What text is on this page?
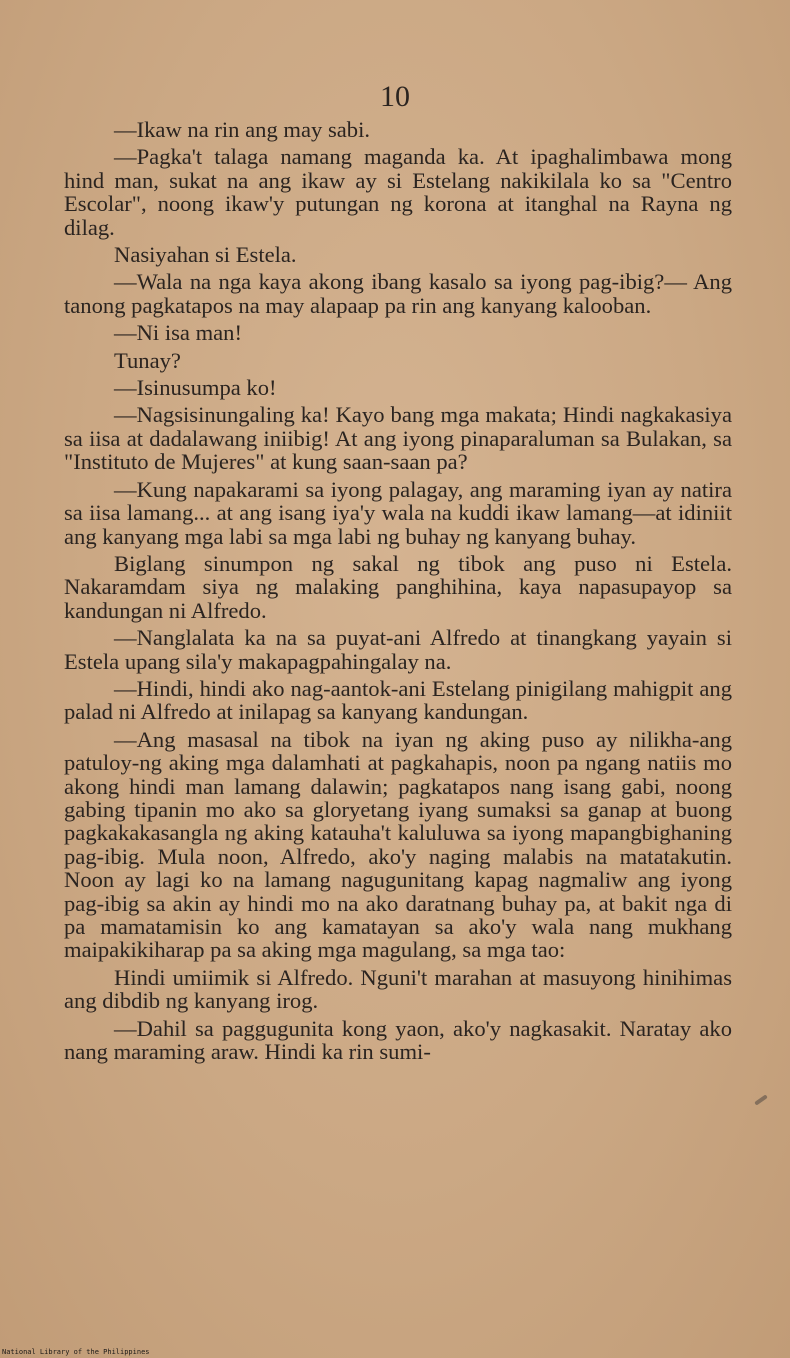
10

—Ikaw na rin ang may sabi.

—Pagka't talaga namang maganda ka. At ipaghalimbawa mong hind man, sukat na ang ikaw ay si Estelang nakikilala ko sa "Centro Escolar", noong ikaw'y putungan ng korona at itanghal na Rayna ng dilag.

Nasiyahan si Estela.

—Wala na nga kaya akong ibang kasalo sa iyong pag-ibig?— Ang tanong pagkatapos na may alapaap pa rin ang kanyang kalooban.

—Ni isa man!

Tunay?

—Isinusumpa ko!

—Nagsisinungaling ka! Kayo bang mga makata; Hindi nagkakasiya sa iisa at dadalawang iniibig! At ang iyong pinaparaluman sa Bulakan, sa "Instituto de Mujeres" at kung saan-saan pa?

—Kung napakarami sa iyong palagay, ang maraming iyan ay natira sa iisa lamang... at ang isang iya'y wala na kuddi ikaw lamang—at idiniit ang kanyang mga labi sa mga labi ng buhay ng kanyang buhay.

Biglang sinumpon ng sakal ng tibok ang puso ni Estela. Nakaramdam siya ng malaking panghihina, kaya napasupayop sa kandungan ni Alfredo.

—Nanglalata ka na sa puyat-ani Alfredo at tinangkang yayain si Estela upang sila'y makapagpahingalay na.

—Hindi, hindi ako nag-aantok-ani Estelang pinigilang mahigpit ang palad ni Alfredo at inilapag sa kanyang kandungan.

—Ang masasal na tibok na iyan ng aking puso ay nilikha-ang patuloy-ng aking mga dalamhati at pagkahapis, noon pa ngang natiis mo akong hindi man lamang dalawin; pagkatapos nang isang gabi, noong gabing tipanin mo ako sa gloryetang iyang sumaksi sa ganap at buong pagkakakasangla ng aking katauha't kaluluwa sa iyong mapangbighaning pag-ibig. Mula noon, Alfredo, ako'y naging malabis na matatakutin. Noon ay lagi ko na lamang nagugunitang kapag nagmaliw ang iyong pag-ibig sa akin ay hindi mo na ako daratnang buhay pa, at bakit nga di pa mamatamisin ko ang kamatayan sa ako'y wala nang mukhang maipakikiharap pa sa aking mga magulang, sa mga tao:

Hindi umiimik si Alfredo. Nguni't marahan at masuyong hinihimas ang dibdib ng kanyang irog.

—Dahil sa paggugunita kong yaon, ako'y nagkasakit. Naratay ako nang maraming araw. Hindi ka rin sumi-

National Library of the Philippines
